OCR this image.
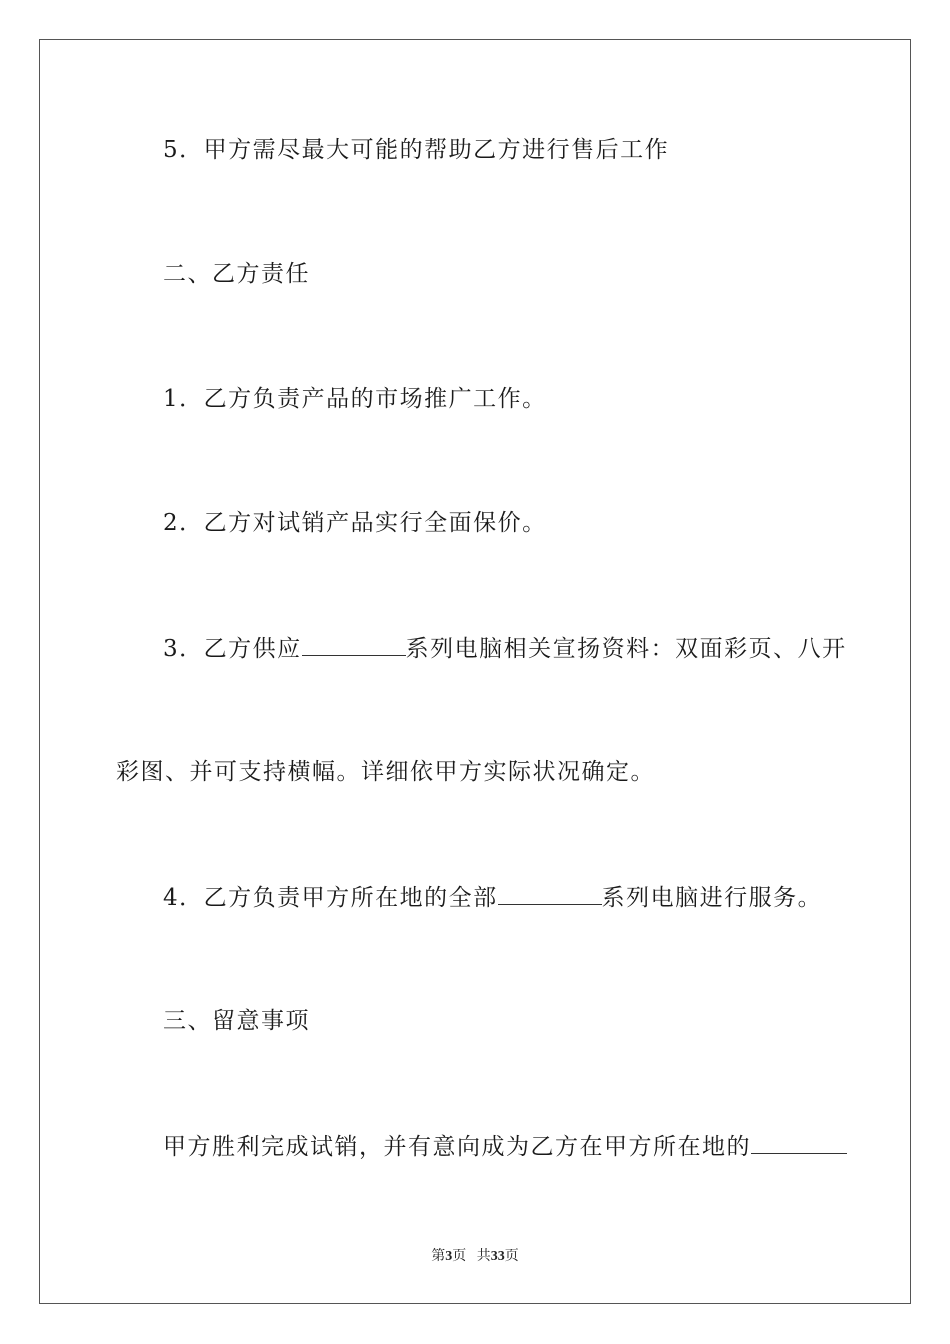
5．甲方需尽最大可能的帮助乙方进行售后工作
二、乙方责任
1．乙方负责产品的市场推广工作。
2．乙方对试销产品实行全面保价。
3．乙方供应	系列电脑相关宣扬资料：双面彩页、八开
彩图、并可支持横幅。详细依甲方实际状况确定。
4．乙方负责甲方所在地的全部	系列电脑进行服务。
三、留意事项
甲方胜利完成试销，并有意向成为乙方在甲方所在地的
第3页 共33页
